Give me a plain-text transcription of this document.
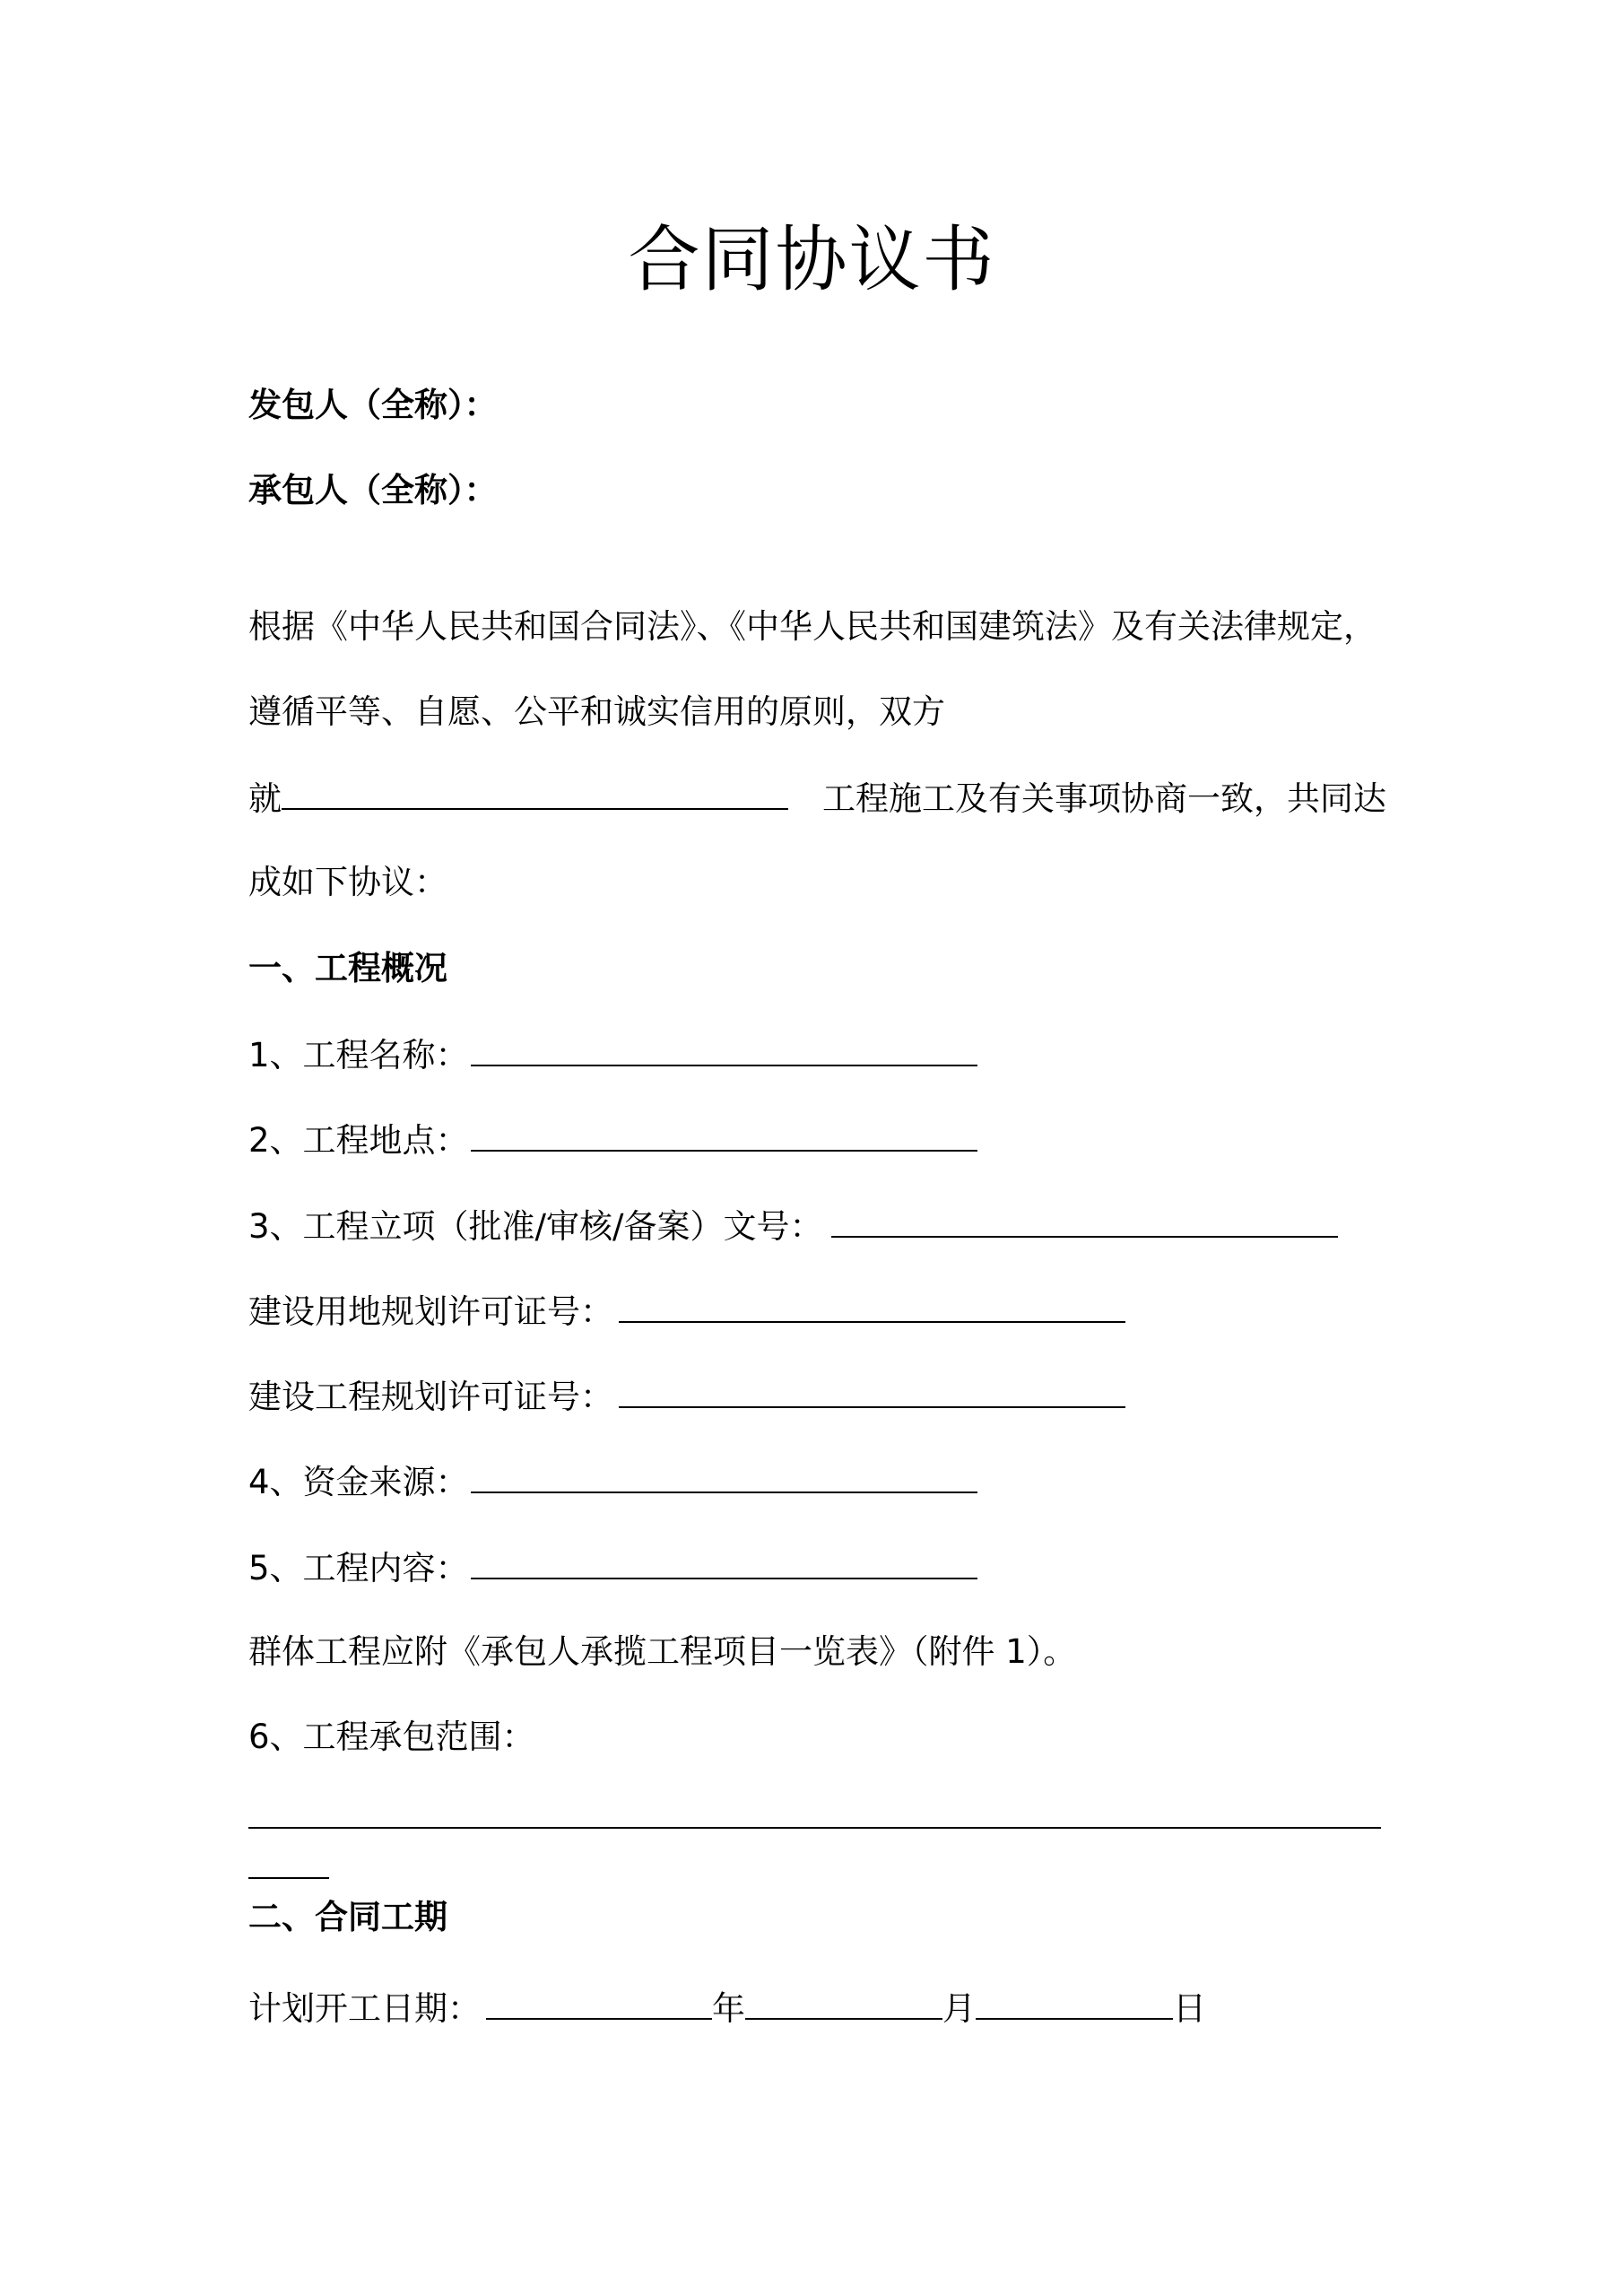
合同协议书
发包人（全称）：
承包人（全称）：
根据《中华人民共和国合同法》、《中华人民共和国建筑法》及有关法律规定，
遵循平等、自愿、公平和诚实信用的原则，双方
就	工程施工及有关事项协商一致，共同达
成如下协议：
一、工程概况
1、工程名称：
2、工程地点：
3、工程立项（批准/审核/备案）文号：
建设用地规划许可证号：
建设工程规划许可证号：
4、资金来源：
5、工程内容：
群体工程应附《承包人承揽工程项目一览表》（附件 1）。
6、工程承包范围：
二、合同工期
计划开工日期：	年	月	日
